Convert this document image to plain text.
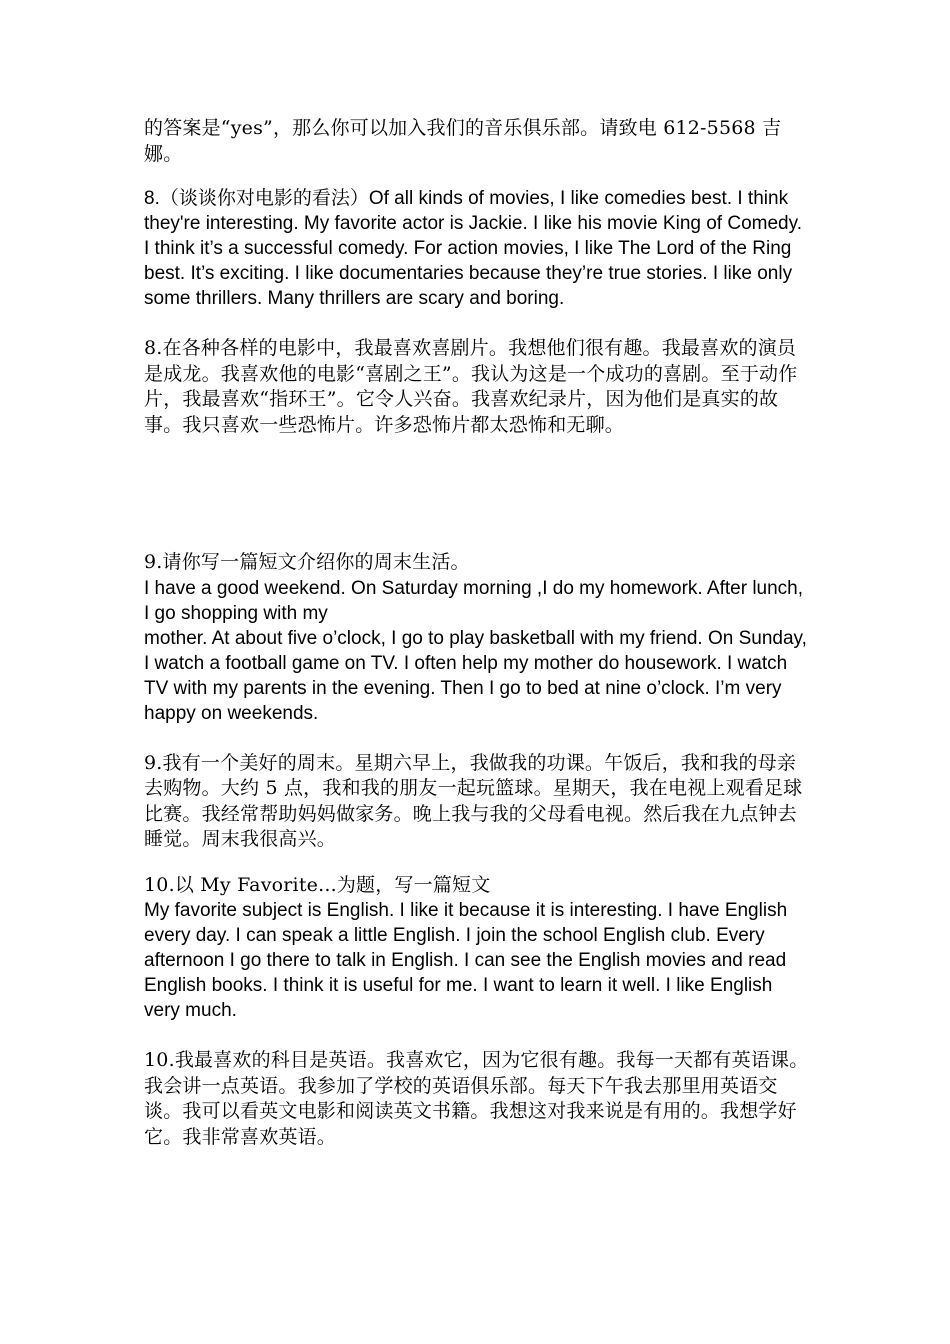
的答案是“yes”，那么你可以加入我们的音乐俱乐部。请致电 612-5568 吉娜。

8.（谈谈你对电影的看法）Of all kinds of movies, I like comedies best. I think they're interesting. My favorite actor is Jackie. I like his movie King of Comedy. I think it’s a successful comedy. For action movies, I like The Lord of the Ring best. It’s exciting. I like documentaries because they’re true stories. I like only some thrillers. Many thrillers are scary and boring.

8.在各种各样的电影中，我最喜欢喜剧片。我想他们很有趣。我最喜欢的演员是成龙。我喜欢他的电影“喜剧之王”。我认为这是一个成功的喜剧。至于动作片，我最喜欢“指环王”。它令人兴奋。我喜欢纪录片，因为他们是真实的故事。我只喜欢一些恐怖片。许多恐怖片都太恐怖和无聊。

9.请你写一篇短文介绍你的周末生活。

I have a good weekend. On Saturday morning ,I do my homework. After lunch, I go shopping with my

mother. At about five o’clock, I go to play basketball with my friend. On Sunday, I watch a football game on TV. I often help my mother do housework. I watch TV with my parents in the evening. Then I go to bed at nine o’clock. I’m very happy on weekends.

9.我有一个美好的周末。星期六早上，我做我的功课。午饭后，我和我的母亲去购物。大约 5 点，我和我的朋友一起玩篮球。星期天，我在电视上观看足球比赛。我经常帮助妈妈做家务。晚上我与我的父母看电视。然后我在九点钟去睡觉。周末我很高兴。

10.以 My Favorite...为题，写一篇短文

My favorite subject is English. I like it because it is interesting. I have English every day. I can speak a little English. I join the school English club. Every afternoon I go there to talk in English. I can see the English movies and read English books. I think it is useful for me. I want to learn it well. I like English very much.

10.我最喜欢的科目是英语。我喜欢它，因为它很有趣。我每一天都有英语课。我会讲一点英语。我参加了学校的英语俱乐部。每天下午我去那里用英语交谈。我可以看英文电影和阅读英文书籍。我想这对我来说是有用的。我想学好它。我非常喜欢英语。
